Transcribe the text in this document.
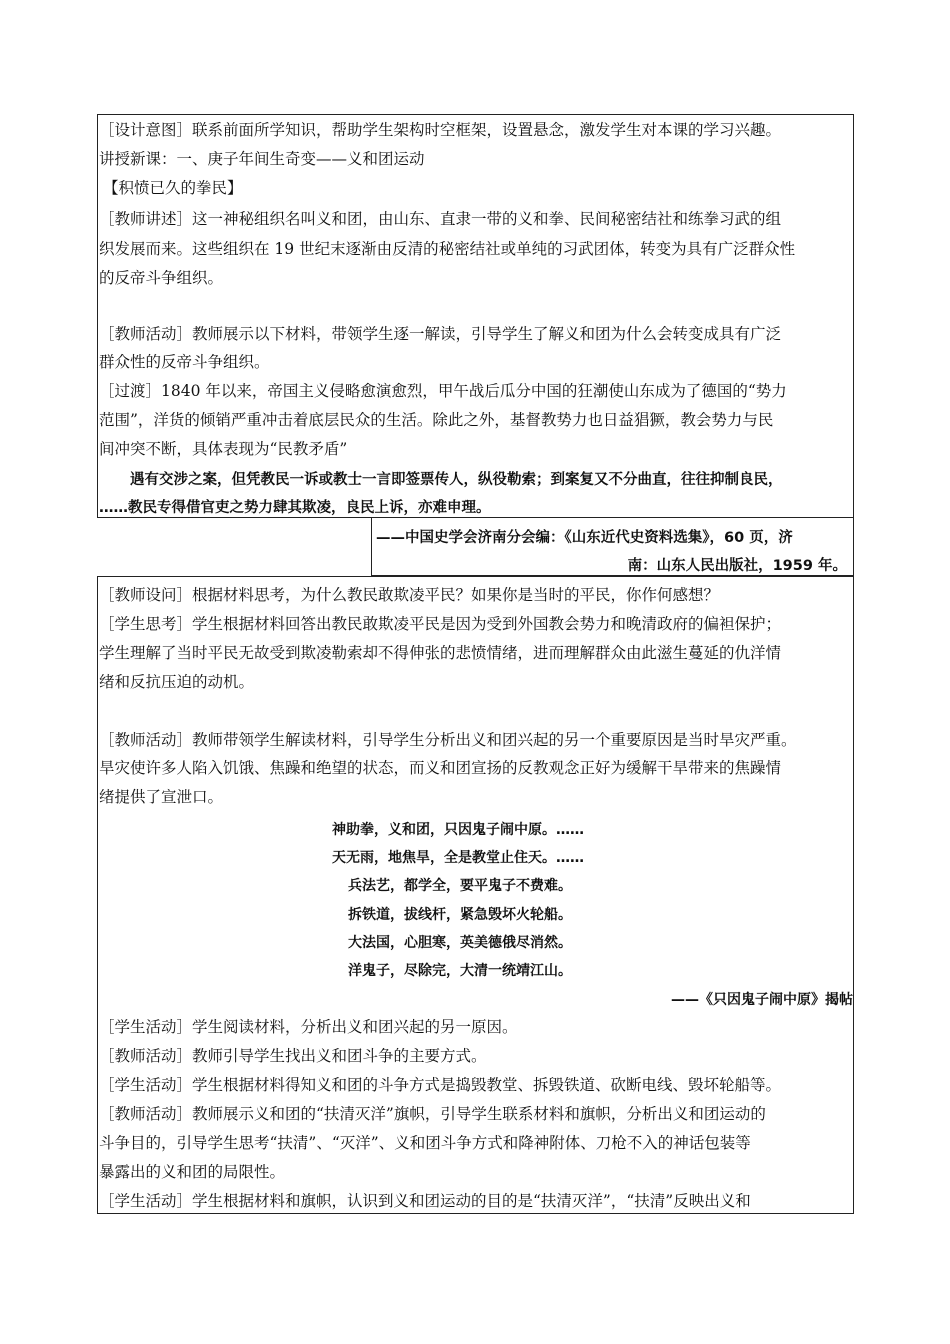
［设计意图］联系前面所学知识，帮助学生架构时空框架，设置悬念，激发学生对本课的学习兴趣。
讲授新课：一、庚子年间生奇变——义和团运动
【积愤已久的拳民】
［教师讲述］这一神秘组织名叫义和团，由山东、直隶一带的义和拳、民间秘密结社和练拳习武的组
织发展而来。这些组织在 19 世纪末逐渐由反清的秘密结社或单纯的习武团体，转变为具有广泛群众性
的反帝斗争组织。
［教师活动］教师展示以下材料，带领学生逐一解读，引导学生了解义和团为什么会转变成具有广泛
群众性的反帝斗争组织。
［过渡］1840 年以来，帝国主义侵略愈演愈烈，甲午战后瓜分中国的狂潮使山东成为了德国的“势力
范围”，洋货的倾销严重冲击着底层民众的生活。除此之外，基督教势力也日益猖獗，教会势力与民
间冲突不断，具体表现为“民教矛盾”
遇有交涉之案，但凭教民一诉或教士一言即签票传人，纵役勒索；到案复又不分曲直，往往抑制良民，
……教民专得借官吏之势力肆其欺凌，良民上诉，亦难申理。
——中国史学会济南分会编：《山东近代史资料选集》，60 页，济
南：山东人民出版社，1959 年。
［教师设问］根据材料思考，为什么教民敢欺凌平民？如果你是当时的平民，你作何感想？
［学生思考］学生根据材料回答出教民敢欺凌平民是因为受到外国教会势力和晚清政府的偏袒保护；
学生理解了当时平民无故受到欺凌勒索却不得伸张的悲愤情绪，进而理解群众由此滋生蔓延的仇洋情
绪和反抗压迫的动机。
［教师活动］教师带领学生解读材料，引导学生分析出义和团兴起的另一个重要原因是当时旱灾严重。
旱灾使许多人陷入饥饿、焦躁和绝望的状态，而义和团宣扬的反教观念正好为缓解干旱带来的焦躁情
绪提供了宣泄口。
神助拳，义和团，只因鬼子闹中原。……
天无雨，地焦旱，全是教堂止住天。……
兵法艺，都学全，要平鬼子不费难。
拆铁道，拔线杆，紧急毁坏火轮船。
大法国，心胆寒，英美德俄尽消然。
洋鬼子，尽除完，大清一统靖江山。
——《只因鬼子闹中原》揭帖
［学生活动］学生阅读材料，分析出义和团兴起的另一原因。
［教师活动］教师引导学生找出义和团斗争的主要方式。
［学生活动］学生根据材料得知义和团的斗争方式是捣毁教堂、拆毁铁道、砍断电线、毁坏轮船等。
［教师活动］教师展示义和团的“扶清灭洋”旗帜，引导学生联系材料和旗帜，分析出义和团运动的
斗争目的，引导学生思考“扶清”、“灭洋”、义和团斗争方式和降神附体、刀枪不入的神话包装等
暴露出的义和团的局限性。
［学生活动］学生根据材料和旗帜，认识到义和团运动的目的是“扶清灭洋”，“扶清”反映出义和
